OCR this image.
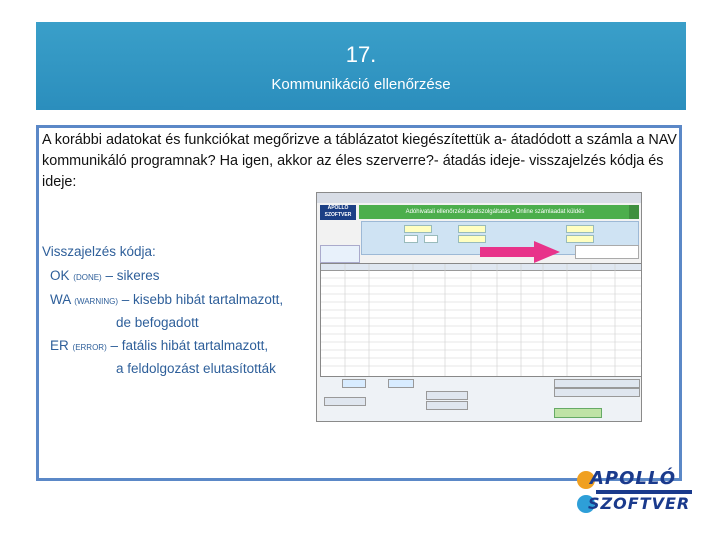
17.
Kommunikáció ellenőrzése
A korábbi adatokat és funkciókat megőrizve a táblázatot kiegészítettük a- átadódott a számla a NAV kommunikáló programnak? Ha igen, akkor az éles szerverre?- átadás ideje- visszajelzés kódja és ideje:
Visszajelzés kódja:
OK (DONE) – sikeres
WA (WARNING) – kisebb hibát tartalmazott,
de befogadott
ER (ERROR) – fatális hibát tartalmazott,
a feldolgozást elutasították
APOLLÓ SZOFTVER	Adóhivatali ellenőrzési adatszolgáltatás • Online számlaadat küldés
APOLLÓ
SZOFTVER
